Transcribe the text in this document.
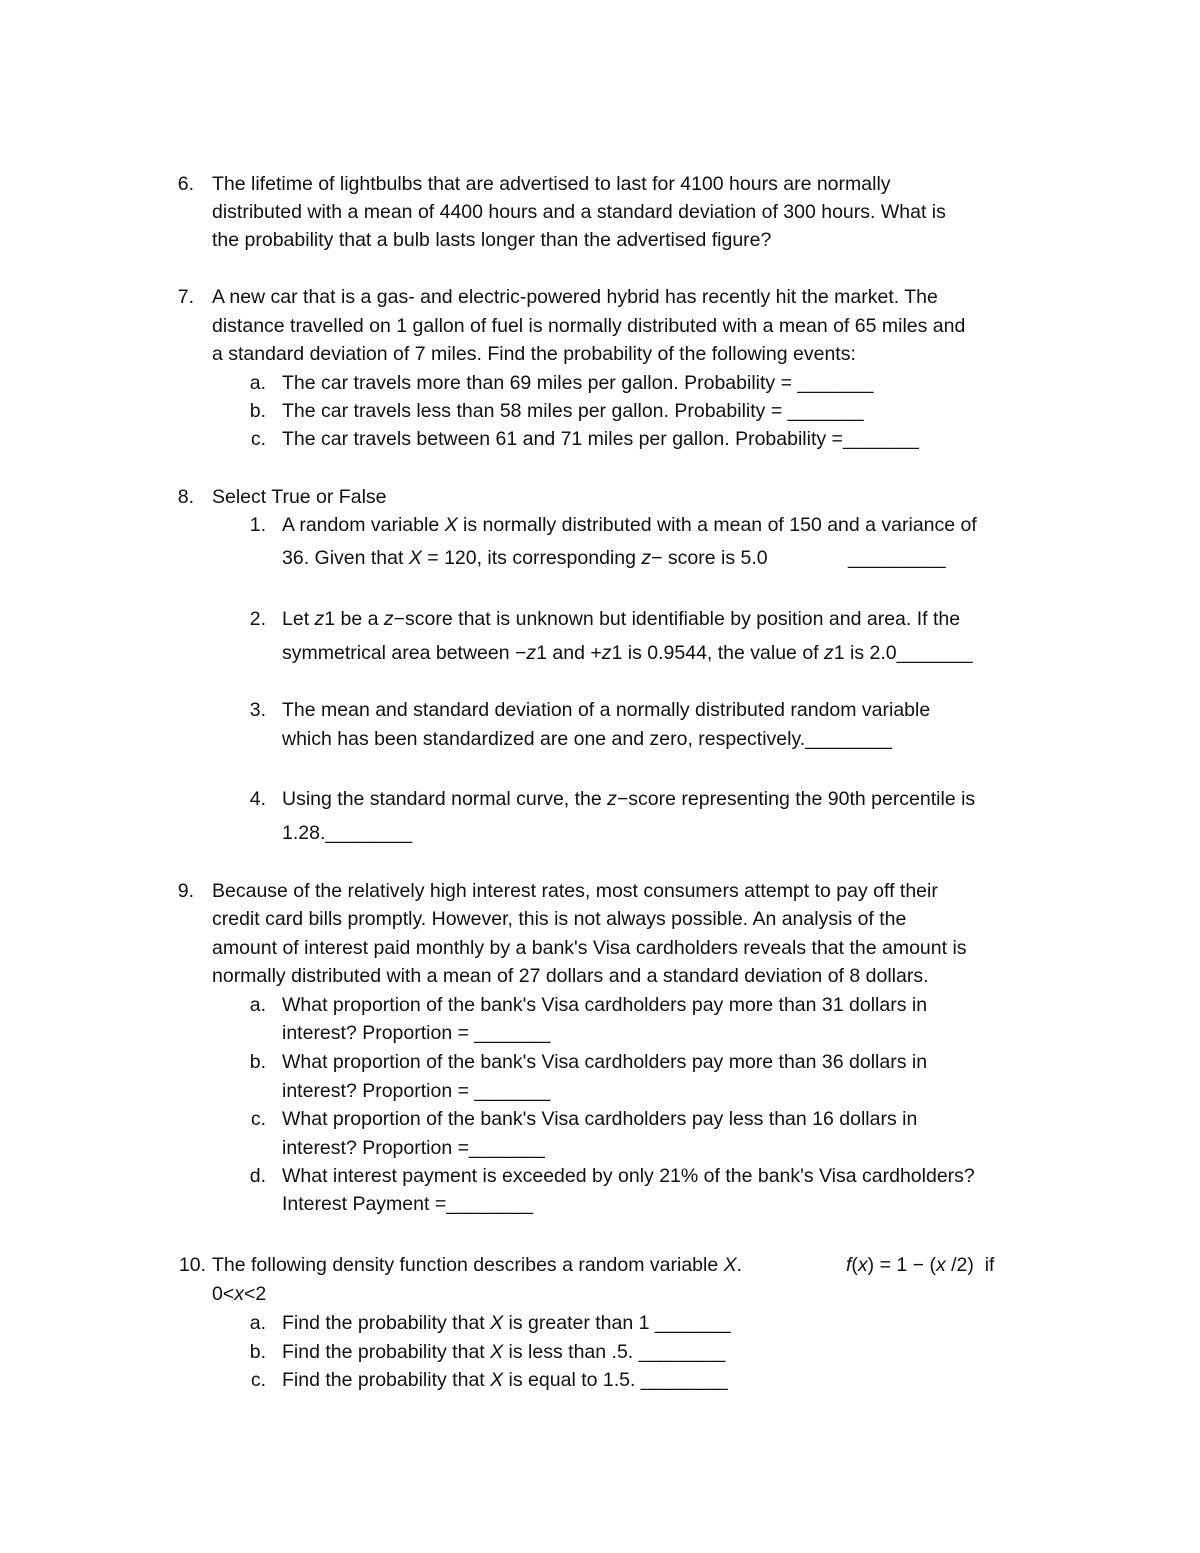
6. The lifetime of lightbulbs that are advertised to last for 4100 hours are normally
distributed with a mean of 4400 hours and a standard deviation of 300 hours. What is
the probability that a bulb lasts longer than the advertised figure?
7. A new car that is a gas- and electric-powered hybrid has recently hit the market. The
distance travelled on 1 gallon of fuel is normally distributed with a mean of 65 miles and
a standard deviation of 7 miles. Find the probability of the following events:
a. The car travels more than 69 miles per gallon. Probability = _______
b. The car travels less than 58 miles per gallon. Probability = _______
c. The car travels between 61 and 71 miles per gallon. Probability =_______
8. Select True or False
1. A random variable X is normally distributed with a mean of 150 and a variance of
36. Given that X = 120, its corresponding z− score is 5.0	_________
2. Let z1 be a z−score that is unknown but identifiable by position and area. If the
symmetrical area between −z1 and +z1 is 0.9544, the value of z1 is 2.0_______
3. The mean and standard deviation of a normally distributed random variable
which has been standardized are one and zero, respectively.________
4. Using the standard normal curve, the z−score representing the 90th percentile is
1.28.________
9. Because of the relatively high interest rates, most consumers attempt to pay off their
credit card bills promptly. However, this is not always possible. An analysis of the
amount of interest paid monthly by a bank's Visa cardholders reveals that the amount is
normally distributed with a mean of 27 dollars and a standard deviation of 8 dollars.
a. What proportion of the bank's Visa cardholders pay more than 31 dollars in
interest? Proportion = _______
b. What proportion of the bank's Visa cardholders pay more than 36 dollars in
interest? Proportion = _______
c. What proportion of the bank's Visa cardholders pay less than 16 dollars in
interest? Proportion =_______
d. What interest payment is exceeded by only 21% of the bank's Visa cardholders?
Interest Payment =________
10. The following density function describes a random variable X.	f(x) = 1 − (x /2)  if
0<x<2
a. Find the probability that X is greater than 1 _______
b. Find the probability that X is less than .5. ________
c. Find the probability that X is equal to 1.5. ________
